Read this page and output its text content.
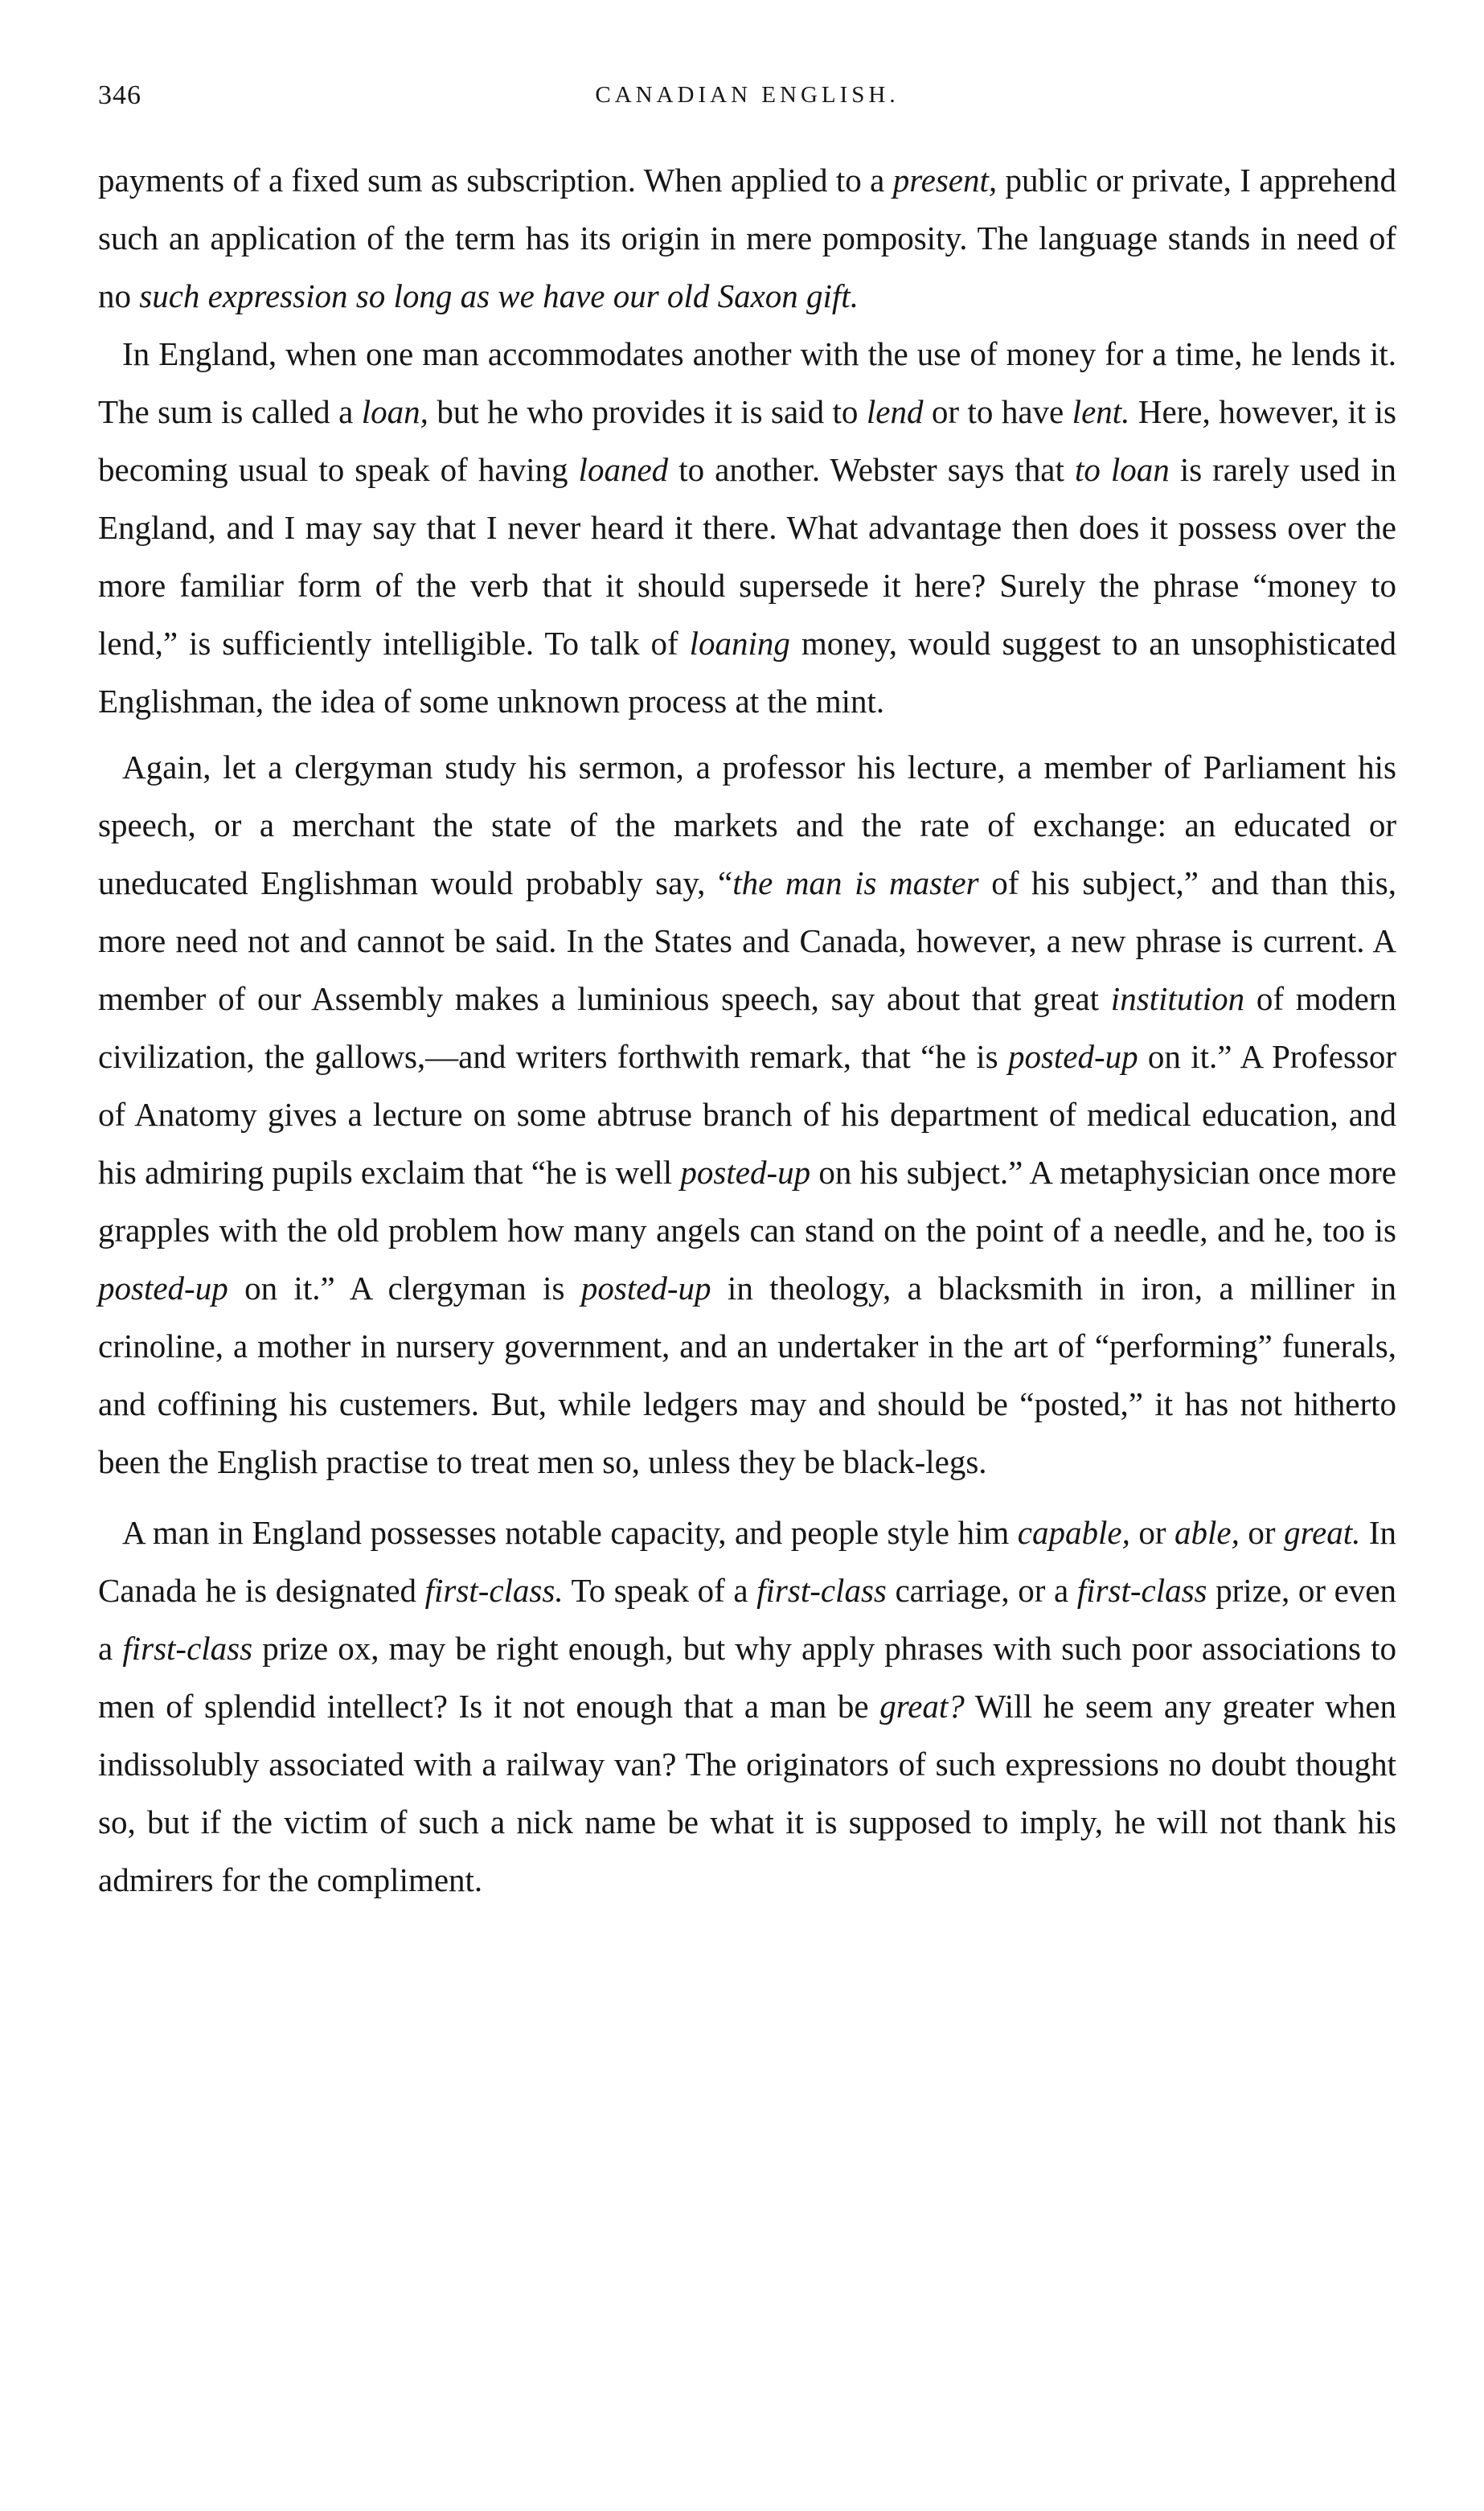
346	CANADIAN ENGLISH.

payments of a fixed sum as subscription. When applied to a present, public or private, I apprehend such an application of the term has its origin in mere pomposity. The language stands in need of no such expression so long as we have our old Saxon gift.

In England, when one man accommodates another with the use of money for a time, he lends it. The sum is called a loan, but he who provides it is said to lend or to have lent. Here, however, it is becoming usual to speak of having loaned to another. Webster says that to loan is rarely used in England, and I may say that I never heard it there. What advantage then does it possess over the more familiar form of the verb that it should supersede it here? Surely the phrase “money to lend,” is sufficiently intelligible. To talk of loaning money, would suggest to an unsophisticated Englishman, the idea of some unknown process at the mint.

Again, let a clergyman study his sermon, a professor his lecture, a member of Parliament his speech, or a merchant the state of the markets and the rate of exchange: an educated or uneducated Englishman would probably say, “the man is master of his subject,” and than this, more need not and cannot be said. In the States and Canada, however, a new phrase is current. A member of our Assembly makes a luminious speech, say about that great institution of modern civilization, the gallows,—and writers forthwith remark, that “he is posted-up on it.” A Professor of Anatomy gives a lecture on some abtruse branch of his department of medical education, and his admiring pupils exclaim that “he is well posted-up on his subject.” A metaphysician once more grapples with the old problem how many angels can stand on the point of a needle, and he, too is posted-up on it.” A clergyman is posted-up in theology, a blacksmith in iron, a milliner in crinoline, a mother in nursery government, and an undertaker in the art of “performing” funerals, and coffining his custemers. But, while ledgers may and should be “posted,” it has not hitherto been the English practise to treat men so, unless they be black-legs.

A man in England possesses notable capacity, and people style him capable, or able, or great. In Canada he is designated first-class. To speak of a first-class carriage, or a first-class prize, or even a first-class prize ox, may be right enough, but why apply phrases with such poor associations to men of splendid intellect? Is it not enough that a man be great? Will he seem any greater when indissolubly associated with a railway van? The originators of such expressions no doubt thought so, but if the victim of such a nick name be what it is supposed to imply, he will not thank his admirers for the compliment.
